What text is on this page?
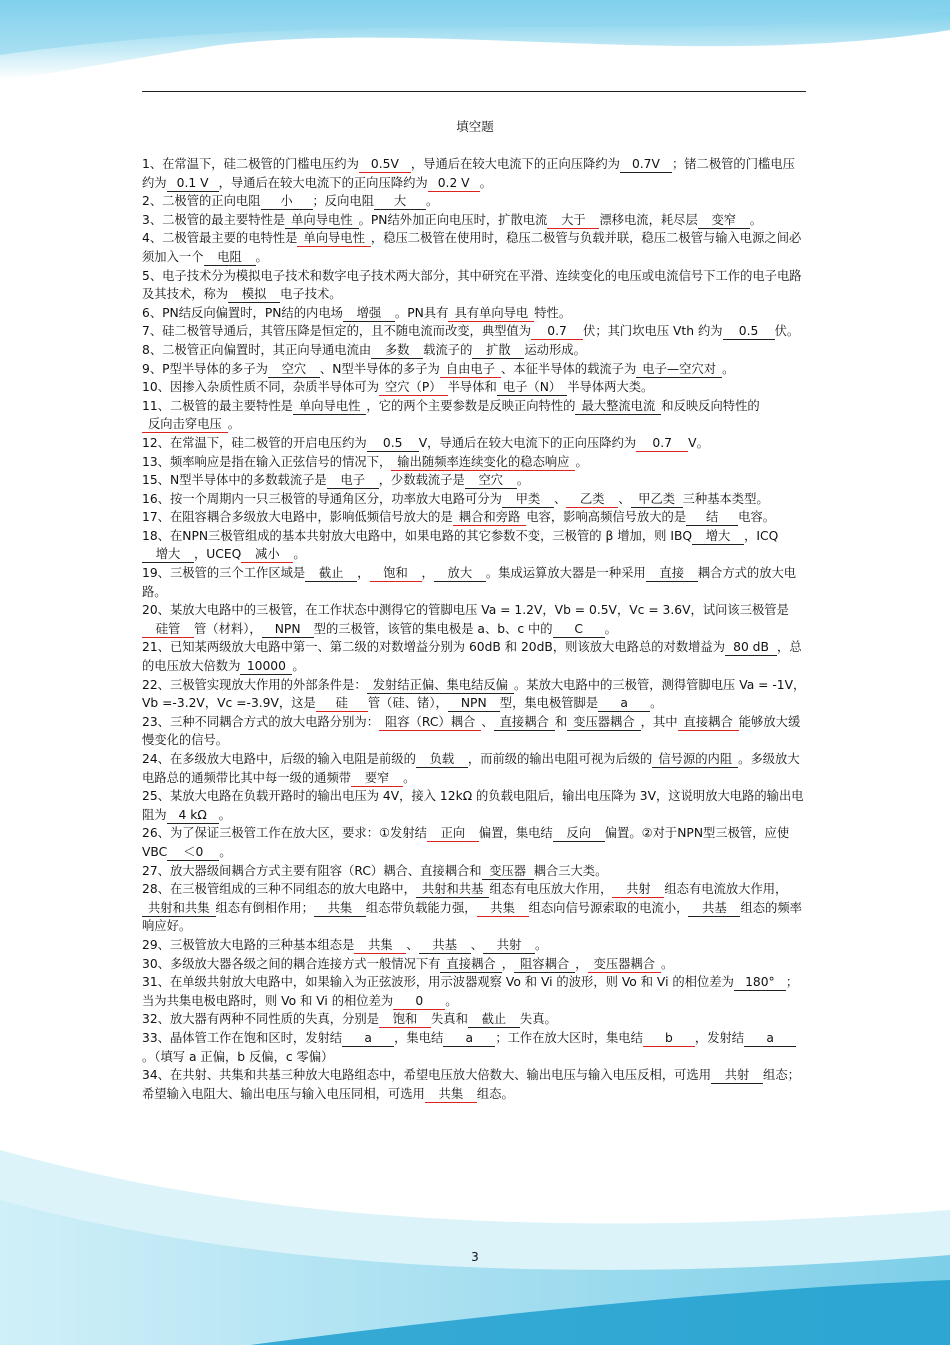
填空题

1、在常温下，硅二极管的门槛电压约为 0.5V ，导通后在较大电流下的正向压降约为 0.7V ；锗二极管的门槛电压约为 0.1 V ，导通后在较大电流下的正向压降约为 0.2 V 。

2、二极管的正向电阻 小 ；反向电阻 大 。

3、二极管的最主要特性是 单向导电性 。PN结外加正向电压时，扩散电流 大于 漂移电流，耗尽层 变窄 。

4、二极管最主要的电特性是 单向导电性 ，稳压二极管在使用时，稳压二极管与负载并联，稳压二极管与输入电源之间必须加入一个 电阻 。

5、电子技术分为模拟电子技术和数字电子技术两大部分，其中研究在平滑、连续变化的电压或电流信号下工作的电子电路及其技术，称为 模拟 电子技术。

6、PN结反向偏置时，PN结的内电场 增强 。PN具有 具有单向导电 特性。

7、硅二极管导通后，其管压降是恒定的，且不随电流而改变，典型值为 0.7 伏；其门坎电压 Vth 约为 0.5 伏。

8、二极管正向偏置时，其正向导通电流由 多数 载流子的 扩散 运动形成。

9、P型半导体的多子为 空穴 、N型半导体的多子为 自由电子 、本征半导体的载流子为 电子—空穴对 。

10、因掺入杂质性质不同，杂质半导体可为 空穴（P） 半导体和 电子（N） 半导体两大类。

11、二极管的最主要特性是 单向导电性 ，它的两个主要参数是反映正向特性的 最大整流电流 和反映反向特性的反向击穿电压 。

12、在常温下，硅二极管的开启电压约为 0.5 V，导通后在较大电流下的正向压降约为 0.7 V。

13、频率响应是指在输入正弦信号的情况下， 输出随频率连续变化的稳态响应 。

15、N型半导体中的多数载流子是 电子 ，少数载流子是 空穴 。

16、按一个周期内一只三极管的导通角区分，功率放大电路可分为 甲类 、 乙类 、 甲乙类 三种基本类型。

17、在阻容耦合多级放大电路中，影响低频信号放大的是 耦合和旁路 电容，影响高频信号放大的是 结 电容。

18、在NPN三极管组成的基本共射放大电路中，如果电路的其它参数不变，三极管的 β 增加，则 IBQ 增大 ，ICQ增大 ，UCEQ 减小 。

19、三极管的三个工作区域是 截止 ， 饱和 ， 放大 。集成运算放大器是一种采用 直接 耦合方式的放大电路。

20、某放大电路中的三极管，在工作状态中测得它的管脚电压 Va = 1.2V，Vb = 0.5V，Vc = 3.6V，试问该三极管是硅管 管（材料）， NPN 型的三极管，该管的集电极是 a、b、c 中的 C 。

21、已知某两级放大电路中第一、第二级的对数增益分别为 60dB 和 20dB，则该放大电路总的对数增益为 80 dB ，总的电压放大倍数为 10000 。

22、三极管实现放大作用的外部条件是： 发射结正偏、集电结反偏 。某放大电路中的三极管，测得管脚电压 Va = -1V，Vb =-3.2V，Vc =-3.9V，这是 硅 管（硅、锗）， NPN 型，集电极管脚是 a 。

23、三种不同耦合方式的放大电路分别为： 阻容（RC）耦合 、 直接耦合 和 变压器耦合 ，其中 直接耦合 能够放大缓慢变化的信号。

24、在多级放大电路中，后级的输入电阻是前级的 负载 ，而前级的输出电阻可视为后级的 信号源的内阻 。多级放大电路总的通频带比其中每一级的通频带 要窄 。

25、某放大电路在负载开路时的输出电压为 4V，接入 12kΩ 的负载电阻后，输出电压降为 3V，这说明放大电路的输出电阻为 4 kΩ 。

26、为了保证三极管工作在放大区，要求：①发射结 正向 偏置，集电结 反向 偏置。②对于NPN型三极管，应使 VBC ＜0 。

27、放大器级间耦合方式主要有阻容（RC）耦合、直接耦合和 变压器 耦合三大类。

28、在三极管组成的三种不同组态的放大电路中， 共射和共基 组态有电压放大作用， 共射 组态有电流放大作用，共射和共集 组态有倒相作用； 共集 组态带负载能力强， 共集 组态向信号源索取的电流小， 共基 组态的频率响应好。

29、三极管放大电路的三种基本组态是 共集 、 共基 、 共射 。

30、多级放大器各级之间的耦合连接方式一般情况下有 直接耦合 ， 阻容耦合 ， 变压器耦合 。

31、在单级共射放大电路中，如果输入为正弦波形，用示波器观察 Vo 和 Vi 的波形，则 Vo 和 Vi 的相位差为 180° ；当为共集电极电路时，则 Vo 和 Vi 的相位差为 0 。

32、放大器有两种不同性质的失真，分别是 饱和 失真和 截止 失真。

33、晶体管工作在饱和区时，发射结 a ，集电结 a ；工作在放大区时，集电结 b ，发射结 a。（填写 a 正偏，b 反偏，c 零偏）

34、在共射、共集和共基三种放大电路组态中，希望电压放大倍数大、输出电压与输入电压反相，可选用 共射 组态；希望输入电阻大、输出电压与输入电压同相，可选用 共集 组态。

3
